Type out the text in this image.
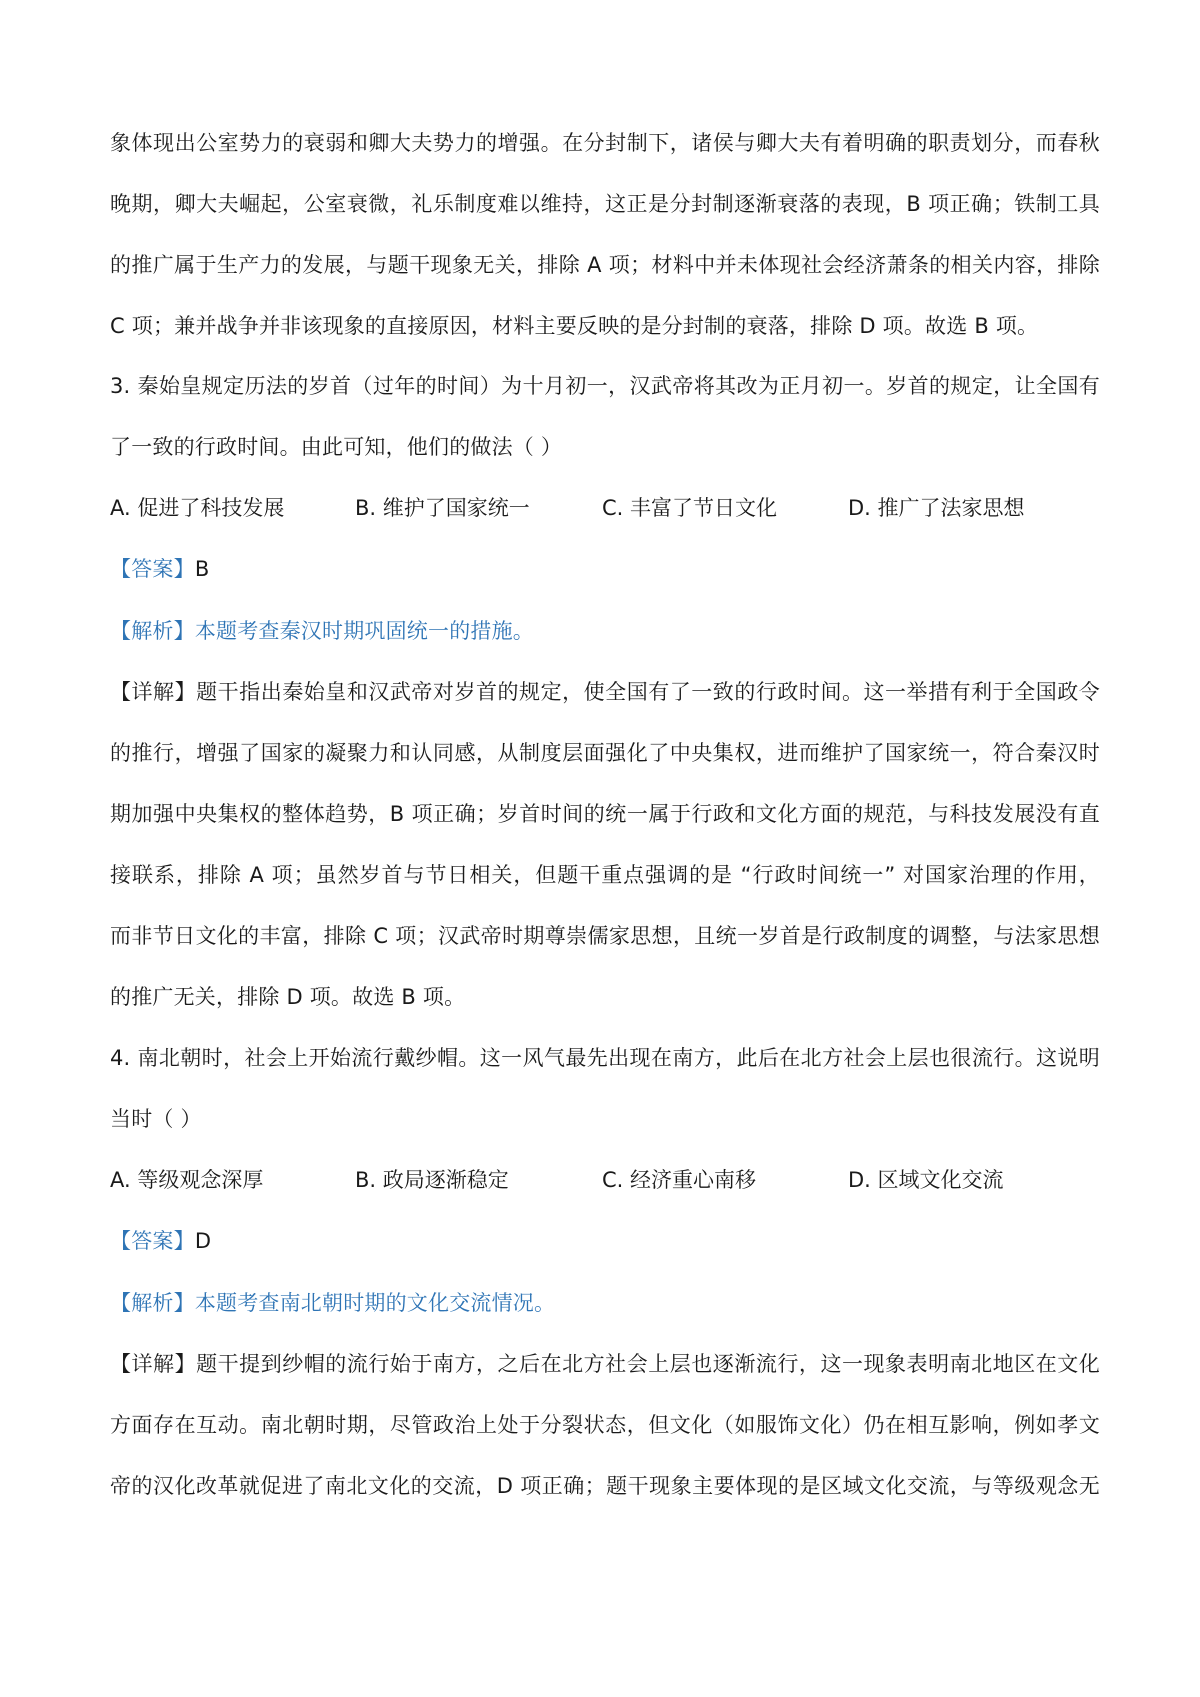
象体现出公室势力的衰弱和卿大夫势力的增强。在分封制下，诸侯与卿大夫有着明确的职责划分，而春秋
晚期，卿大夫崛起，公室衰微，礼乐制度难以维持，这正是分封制逐渐衰落的表现，B 项正确；铁制工具
的推广属于生产力的发展，与题干现象无关，排除 A 项；材料中并未体现社会经济萧条的相关内容，排除
C 项；兼并战争并非该现象的直接原因，材料主要反映的是分封制的衰落，排除 D 项。故选 B 项。
3. 秦始皇规定历法的岁首（过年的时间）为十月初一，汉武帝将其改为正月初一。岁首的规定，让全国有
了一致的行政时间。由此可知，他们的做法（ ）
A. 促进了科技发展	B. 维护了国家统一	C. 丰富了节日文化	D. 推广了法家思想
【答案】B
【解析】本题考查秦汉时期巩固统一的措施。
【详解】题干指出秦始皇和汉武帝对岁首的规定，使全国有了一致的行政时间。这一举措有利于全国政令
的推行，增强了国家的凝聚力和认同感，从制度层面强化了中央集权，进而维护了国家统一，符合秦汉时
期加强中央集权的整体趋势，B 项正确；岁首时间的统一属于行政和文化方面的规范，与科技发展没有直
接联系，排除 A 项；虽然岁首与节日相关，但题干重点强调的是 “行政时间统一” 对国家治理的作用，
而非节日文化的丰富，排除 C 项；汉武帝时期尊崇儒家思想，且统一岁首是行政制度的调整，与法家思想
的推广无关，排除 D 项。故选 B 项。
4. 南北朝时，社会上开始流行戴纱帽。这一风气最先出现在南方，此后在北方社会上层也很流行。这说明
当时（ ）
A. 等级观念深厚	B. 政局逐渐稳定	C. 经济重心南移	D. 区域文化交流
【答案】D
【解析】本题考查南北朝时期的文化交流情况。
【详解】题干提到纱帽的流行始于南方，之后在北方社会上层也逐渐流行，这一现象表明南北地区在文化
方面存在互动。南北朝时期，尽管政治上处于分裂状态，但文化（如服饰文化）仍在相互影响，例如孝文
帝的汉化改革就促进了南北文化的交流，D 项正确；题干现象主要体现的是区域文化交流，与等级观念无
